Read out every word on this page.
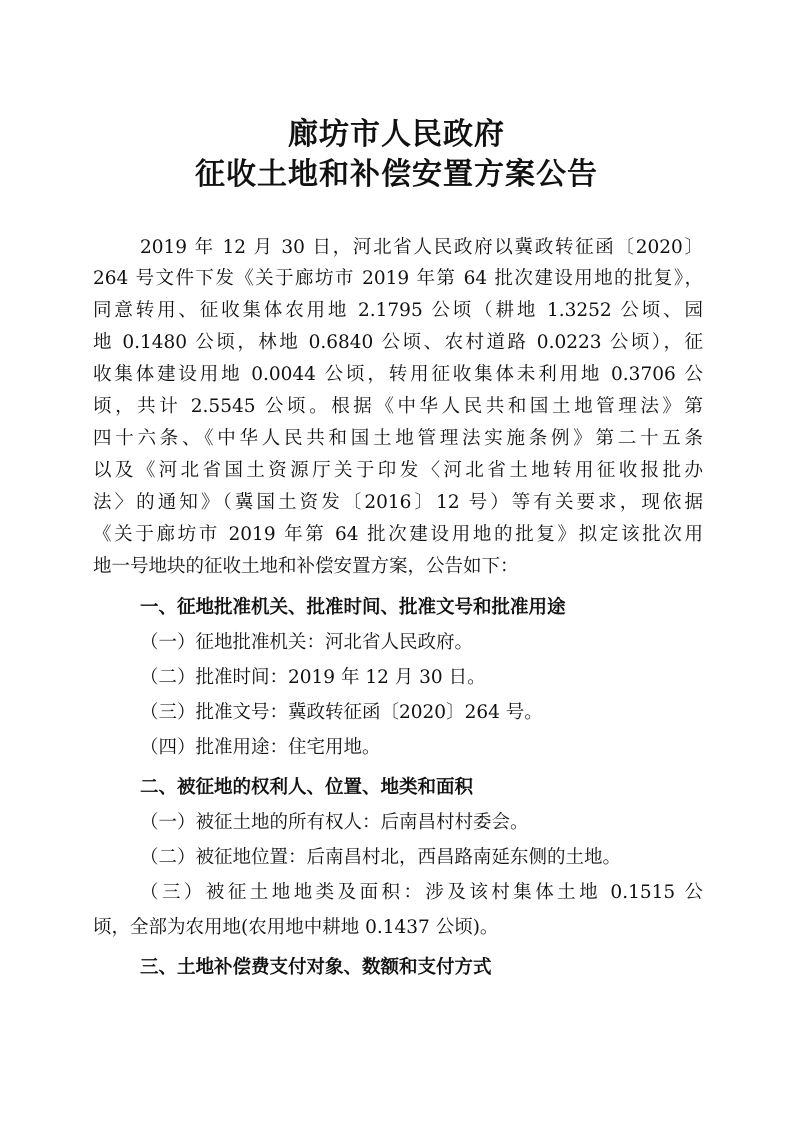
廊坊市人民政府
征收土地和补偿安置方案公告
2019 年 12 月 30 日，河北省人民政府以冀政转征函〔2020〕
264 号文件下发《关于廊坊市 2019 年第 64 批次建设用地的批复》，
同意转用、征收集体农用地 2.1795 公顷（耕地 1.3252 公顷、园
地 0.1480 公顷，林地 0.6840 公顷、农村道路 0.0223 公顷），征
收集体建设用地 0.0044 公顷，转用征收集体未利用地 0.3706 公
顷，共计 2.5545 公顷。根据《中华人民共和国土地管理法》第
四十六条、《中华人民共和国土地管理法实施条例》第二十五条
以及《河北省国土资源厅关于印发〈河北省土地转用征收报批办
法〉的通知》（冀国土资发〔2016〕12 号）等有关要求，现依据
《关于廊坊市 2019 年第 64 批次建设用地的批复》拟定该批次用
地一号地块的征收土地和补偿安置方案，公告如下：
一、征地批准机关、批准时间、批准文号和批准用途
（一）征地批准机关：河北省人民政府。
（二）批准时间：2019 年 12 月 30 日。
（三）批准文号：冀政转征函〔2020〕264 号。
（四）批准用途：住宅用地。
二、被征地的权利人、位置、地类和面积
（一）被征土地的所有权人：后南昌村村委会。
（二）被征地位置：后南昌村北，西昌路南延东侧的土地。
（三）被征土地地类及面积：涉及该村集体土地 0.1515 公
顷，全部为农用地(农用地中耕地 0.1437 公顷)。
三、土地补偿费支付对象、数额和支付方式
